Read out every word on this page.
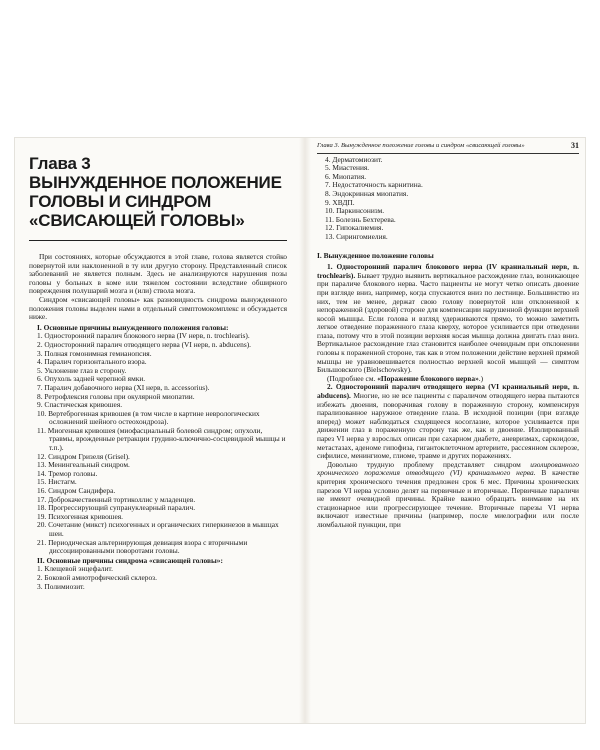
Глава 3
ВЫНУЖДЕННОЕ ПОЛОЖЕНИЕ
ГОЛОВЫ И СИНДРОМ
«СВИСАЮЩЕЙ ГОЛОВЫ»

При состояниях, которые обсуждаются в этой главе, голова является стойко повернутой или наклоненной в ту или другую сторону. Представленный список заболеваний не является полным. Здесь не анализируются нарушения позы головы у больных в коме или тяжелом состоянии вследствие обширного повреждения полушарий мозга и (или) ствола мозга.

Синдром «свисающей головы» как разновидность синдрома вынужденного положения головы выделен нами в отдельный симптомокомплекс и обсуждается ниже.

I. Основные причины вынужденного положения головы:
1. Односторонний паралич блокового нерва (IV нерв, n. trochlearis).
2. Односторонний паралич отводящего нерва (VI нерв, n. abducens).
3. Полная гомонимная гемианопсия.
4. Паралич горизонтального взора.
5. Уклонение глаз в сторону.
6. Опухоль задней черепной ямки.
7. Паралич добавочного нерва (XI нерв, n. accessorius).
8. Ретрофлексия головы при окулярной миопатии.
9. Спастическая кривошея.
10. Вертеброгенная кривошея (в том числе в картине неврологических осложнений шейного остеохондроза).
11. Миогенная кривошея (миофасциальный болевой синдром; опухоли, травмы, врожденные ретракции грудино-ключично-сосцевидной мышцы и т.п.).
12. Синдром Гризеля (Grisel).
13. Менингеальный синдром.
14. Тремор головы.
15. Нистагм.
16. Синдром Сандифера.
17. Доброкачественный тортиколлис у младенцев.
18. Прогрессирующий супрануклеарный паралич.
19. Психогенная кривошея.
20. Сочетание (микст) психогенных и органических гиперкинезов в мышцах шеи.
21. Периодическая альтернирующая девиация взора с вторичными диссоциированными поворотами головы.
II. Основные причины синдрома «свисающей головы»:
1. Клещевой энцефалит.
2. Боковой амиотрофический склероз.
3. Полимиозит.
Глава 3. Вынужденное положение головы и синдром «свисающей головы»	31
4. Дерматомиозит.
5. Миастения.
6. Миопатия.
7. Недостаточность карнитина.
8. Эндокринная миопатия.
9. ХВДП.
10. Паркинсонизм.
11. Болезнь Бехтерева.
12. Гипокалиемия.
13. Сирингомиелия.
I. Вынужденное положение головы

1. Односторонний паралич блокового нерва (IV краниальный нерв, n. trochlearis). Бывает трудно выявить вертикальное расхождение глаз, возникающее при параличе блокового нерва. Часто пациенты не могут четко описать двоение при взгляде вниз, например, когда спускаются вниз по лестнице. Большинство из них, тем не менее, держат свою голову повернутой или отклоненной к непораженной (здоровой) стороне для компенсации нарушенной функции верхней косой мышцы. Если голова и взгляд удерживаются прямо, то можно заметить легкое отведение пораженного глаза кверху, которое усиливается при отведении глаза, потому что в этой позиции верхняя косая мышца должна двигать глаз вниз. Вертикальное расхождение глаз становится наиболее очевидным при отклонении головы к пораженной стороне, так как в этом положении действие верхней прямой мышцы не уравновешивается полностью верхней косой мышцей — симптом Бильшовского (Bielschowsky).

(Подробнее см. «Поражение блокового нерва».)

2. Односторонний паралич отводящего нерва (VI краниальный нерв, n. abducens). Многие, но не все пациенты с параличом отводящего нерва пытаются избежать двоения, поворачивая голову в пораженную сторону, компенсируя парализованное наружное отведение глаза. В исходной позиции (при взгляде вперед) может наблюдаться сходящееся косоглазие, которое усиливается при движении глаз в пораженную сторону так же, как и двоение. Изолированный парез VI нерва у взрослых описан при сахарном диабете, аневризмах, саркоидозе, метастазах, аденоме гипофиза, гигантоклеточном артериите, рассеянном склерозе, сифилисе, менингиоме, глиоме, травме и других поражениях.

Довольно трудную проблему представляет синдром изолированного хронического поражения отводящего (VI) краниального нерва. В качестве критерия хронического течения предложен срок 6 мес. Причины хронических парезов VI нерва условно делят на первичные и вторичные. Первичные параличи не имеют очевидной причины. Крайне важно обращать внимание на их стационарное или прогрессирующее течение. Вторичные парезы VI нерва включают известные причины (например, после миелографии или после люмбальной пункции, при
